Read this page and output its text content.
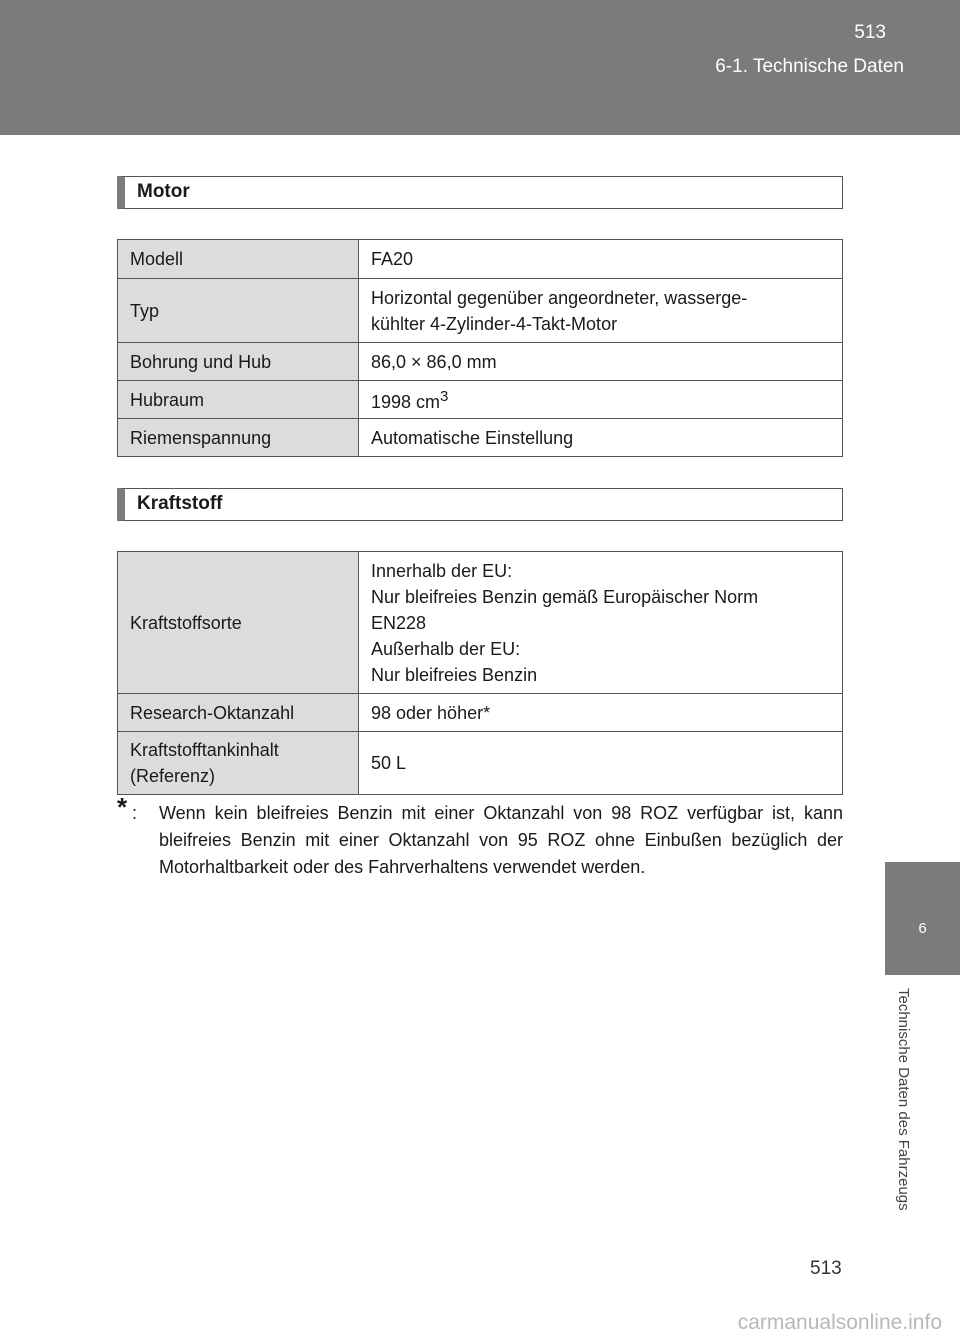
513
6-1. Technische Daten
6
Technische Daten des Fahrzeugs
Motor
Modell	FA20
Typ	Horizontal gegenüber angeordneter, wasserge-
kühlter 4-Zylinder-4-Takt-Motor

Bohrung und Hub	86,0 × 86,0 mm
Hubraum	1998 $cm^3$
Riemenspannung	Automatische Einstellung
Kraftstoff
Kraftstoffsorte	Innerhalb der EU:
Nur bleifreies Benzin gemäß Europäischer Norm
EN228
Außerhalb der EU:
Nur bleifreies Benzin

Research-Oktanzahl	98 oder höher*

Kraftstofftankinhalt
(Referenz)	50 L
* : Wenn kein bleifreies Benzin mit einer Oktanzahl von 98 ROZ verfügbar ist, kann bleifreies Benzin mit einer Oktanzahl von 95 ROZ ohne Einbußen bezüglich der Motorhaltbarkeit oder des Fahrverhaltens verwendet werden.

513
carmanualsonline.info
